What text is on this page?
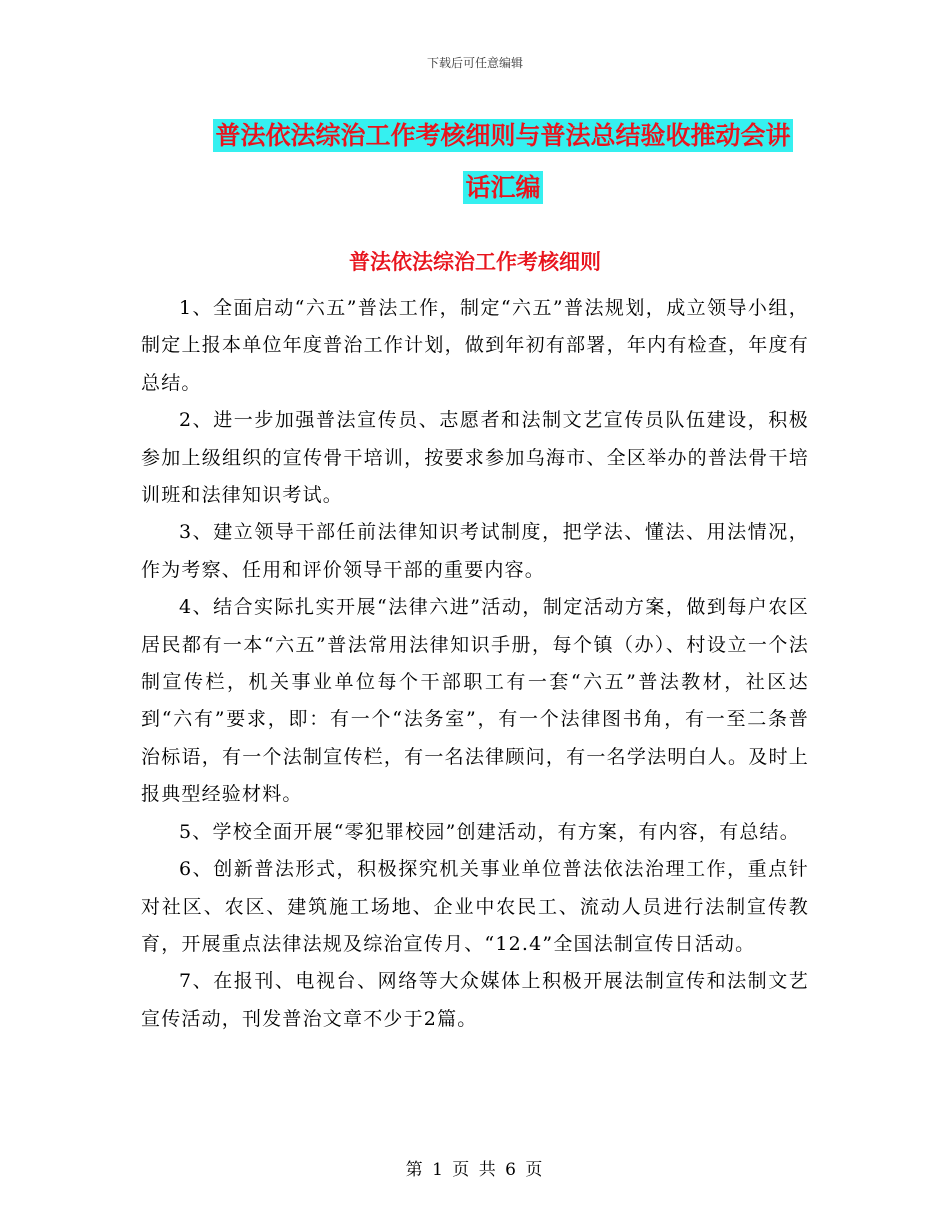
下载后可任意编辑
普法依法综治工作考核细则与普法总结验收推动会讲
话汇编
普法依法综治工作考核细则

1、全面启动“六五”普法工作，制定“六五”普法规划，成立领导小组，制定上报本单位年度普治工作计划，做到年初有部署，年内有检查，年度有总结。

2、进一步加强普法宣传员、志愿者和法制文艺宣传员队伍建设，积极参加上级组织的宣传骨干培训，按要求参加乌海市、全区举办的普法骨干培训班和法律知识考试。

3、建立领导干部任前法律知识考试制度，把学法、懂法、用法情况，作为考察、任用和评价领导干部的重要内容。

4、结合实际扎实开展“法律六进”活动，制定活动方案，做到每户农区居民都有一本“六五”普法常用法律知识手册，每个镇（办）、村设立一个法制宣传栏，机关事业单位每个干部职工有一套“六五”普法教材，社区达到“六有”要求，即：有一个“法务室”，有一个法律图书角，有一至二条普治标语，有一个法制宣传栏，有一名法律顾问，有一名学法明白人。及时上报典型经验材料。

5、学校全面开展“零犯罪校园”创建活动，有方案，有内容，有总结。

6、创新普法形式，积极探究机关事业单位普法依法治理工作，重点针对社区、农区、建筑施工场地、企业中农民工、流动人员进行法制宣传教育，开展重点法律法规及综治宣传月、“12.4”全国法制宣传日活动。

7、在报刊、电视台、网络等大众媒体上积极开展法制宣传和法制文艺宣传活动，刊发普治文章不少于2篇。

第 1 页 共 6 页
